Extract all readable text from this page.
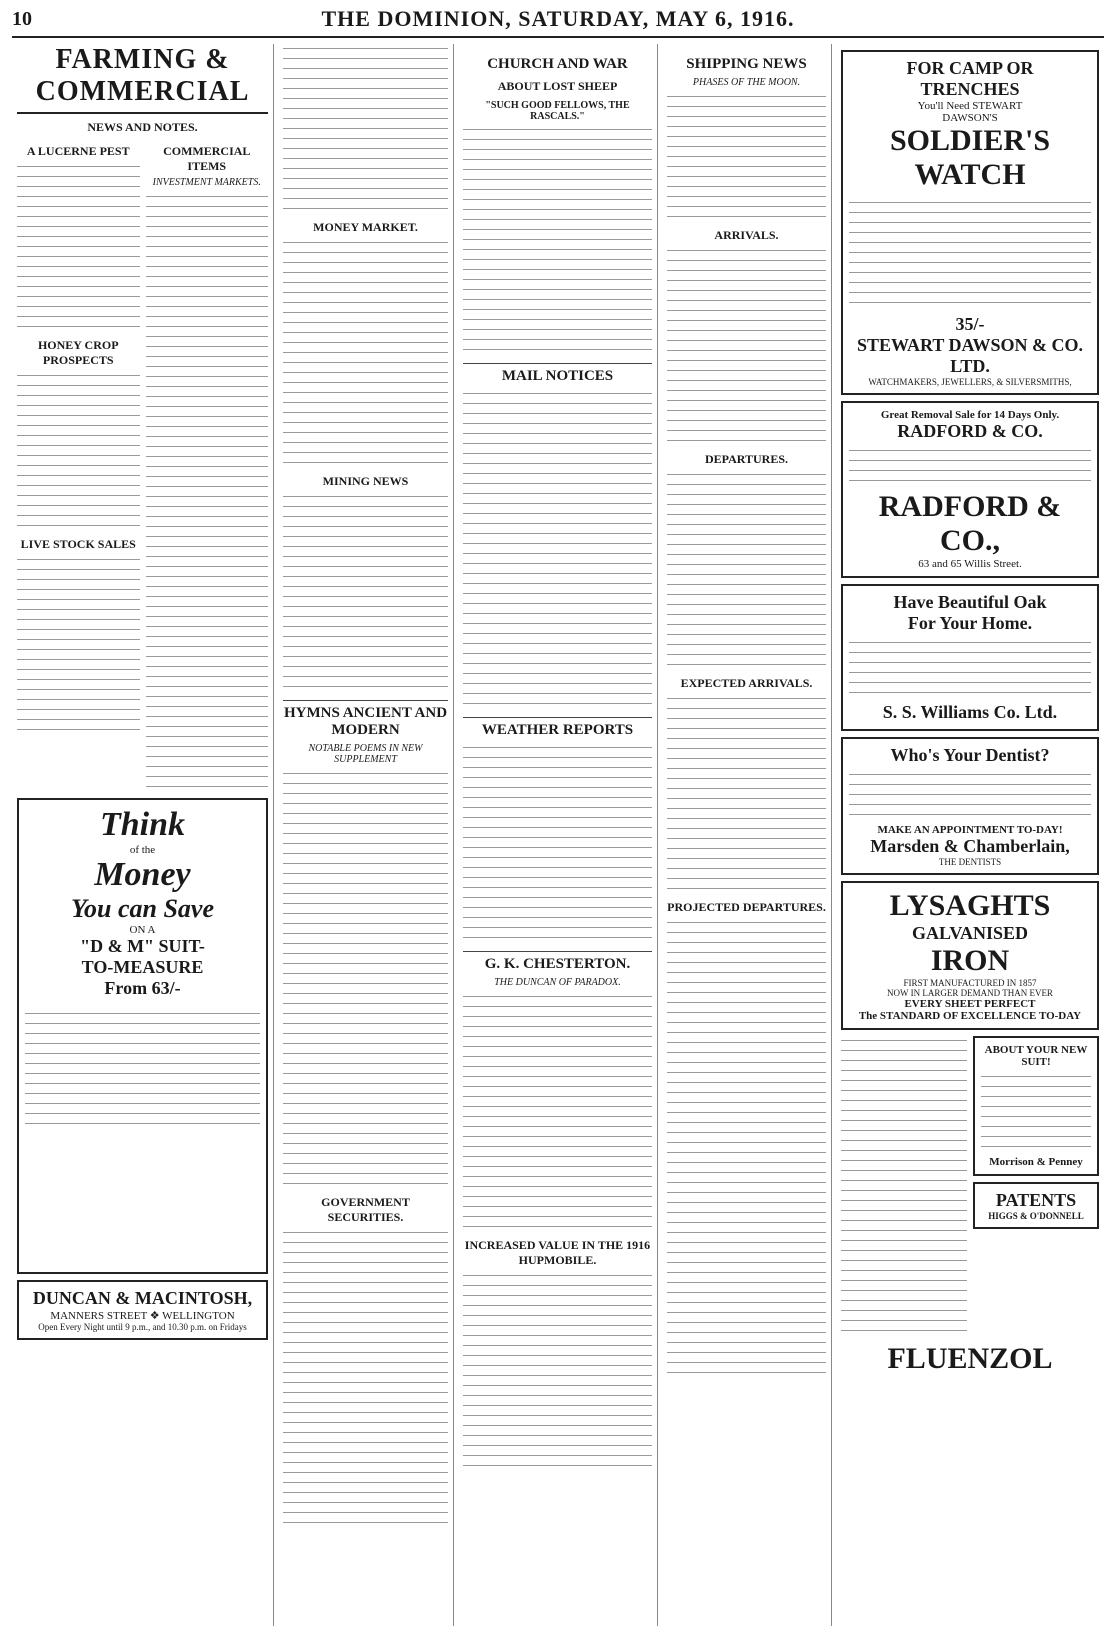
10	THE DOMINION, SATURDAY, MAY 6, 1916.
FARMING & COMMERCIAL
NEWS AND NOTES.
A LUCERNE PEST
HONEY CROP PROSPECTS
LIVE STOCK SALES
COMMERCIAL ITEMS
INVESTMENT MARKETS.
Think
of the
Money
You can Save
ON A
"D & M" SUIT-
TO-MEASURE
From 63/-
DUNCAN & MACINTOSH,
MANNERS STREET ❖ WELLINGTON
Open Every Night until 9 p.m., and 10.30 p.m. on Fridays
MONEY MARKET.
MINING NEWS
HYMNS ANCIENT AND MODERN
NOTABLE POEMS IN NEW SUPPLEMENT
GOVERNMENT SECURITIES.
CHURCH AND WAR
ABOUT LOST SHEEP
"SUCH GOOD FELLOWS, THE RASCALS."
MAIL NOTICES
WEATHER REPORTS
G. K. CHESTERTON.
THE DUNCAN OF PARADOX.
INCREASED VALUE IN THE 1916 HUPMOBILE.
SHIPPING NEWS
PHASES OF THE MOON.
ARRIVALS.
DEPARTURES.
EXPECTED ARRIVALS.
PROJECTED DEPARTURES.
FOR CAMP OR
TRENCHES
You'll Need STEWART
DAWSON'S
SOLDIER'S
WATCH
35/-
STEWART DAWSON & CO. LTD.
WATCHMAKERS, JEWELLERS, & SILVERSMITHS,
Great Removal Sale for 14 Days Only.
RADFORD & CO.
RADFORD & CO.,
63 and 65 Willis Street.
Have Beautiful Oak
For Your Home.
S. S. Williams Co. Ltd.
Who's Your Dentist?
MAKE AN APPOINTMENT TO-DAY!
Marsden & Chamberlain,
THE DENTISTS
LYSAGHTS
GALVANISED
IRON
FIRST MANUFACTURED IN 1857
NOW IN LARGER DEMAND THAN EVER
EVERY SHEET PERFECT
The STANDARD OF EXCELLENCE TO-DAY
ABOUT YOUR NEW SUIT!
Morrison & Penney
PATENTS
HIGGS & O'DONNELL
FLUENZOL
